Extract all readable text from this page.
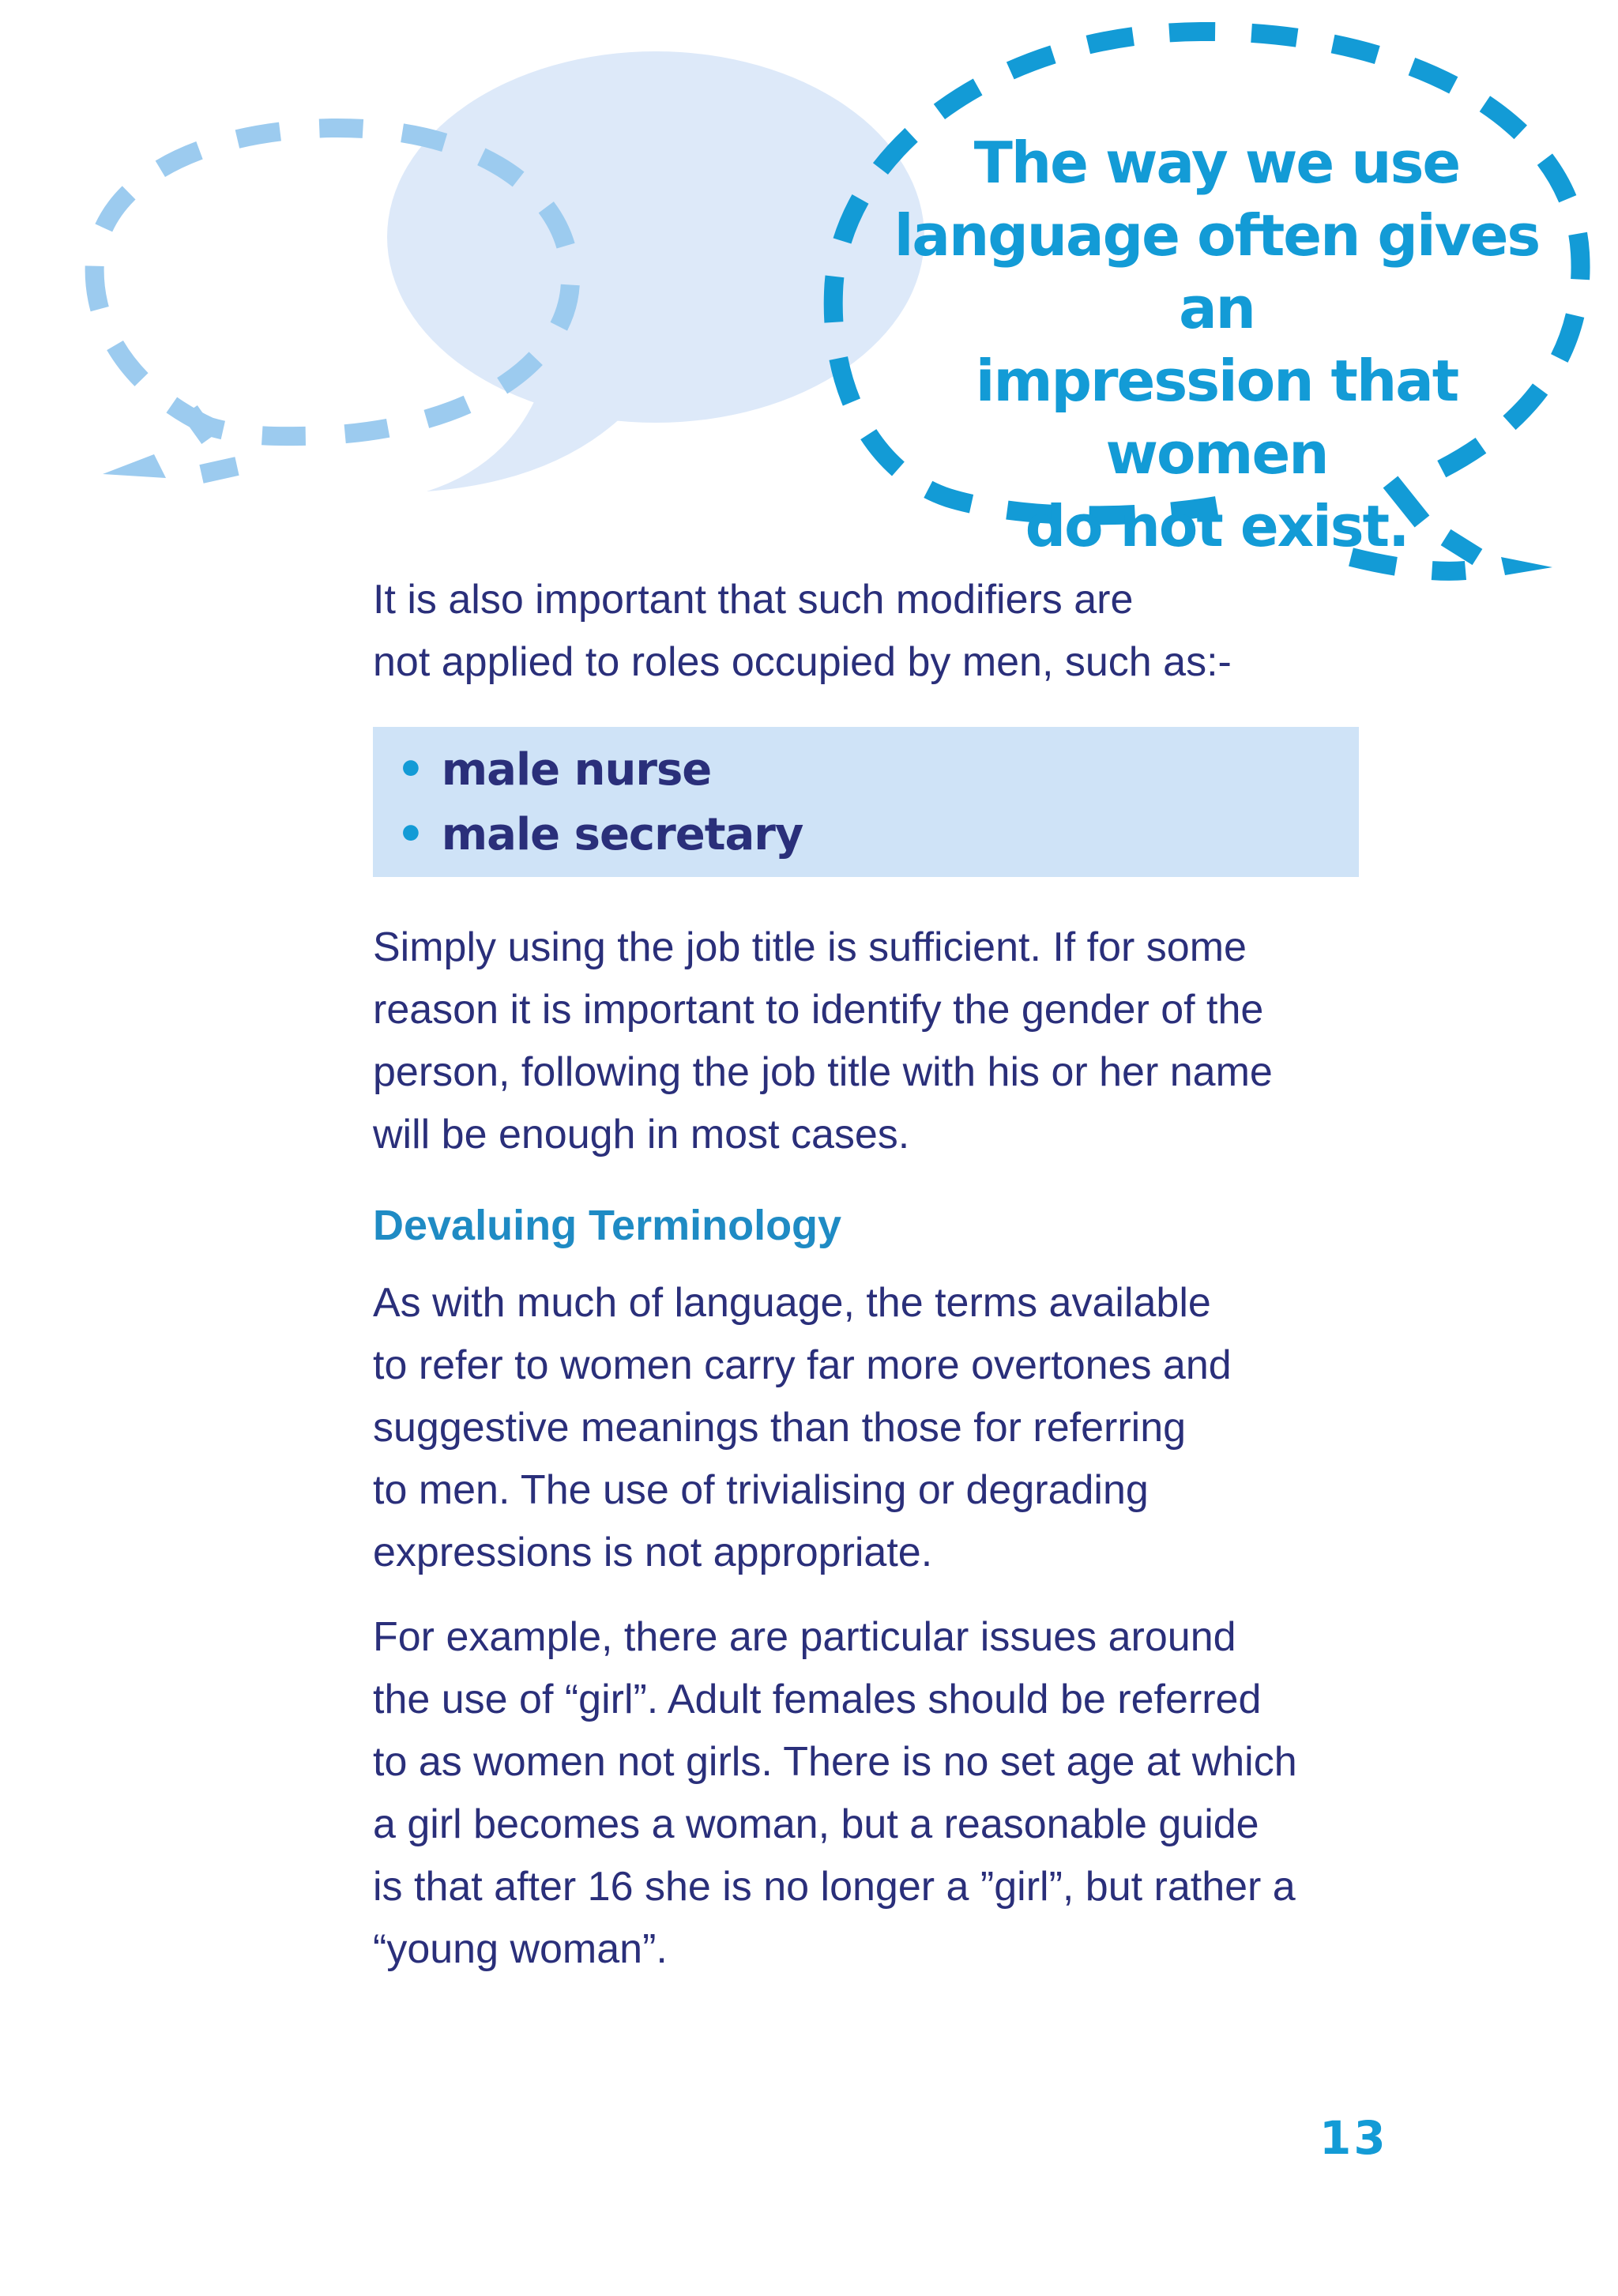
The way we use
language often gives an
impression that women
do not exist.
It is also important that such modifiers are
not applied to roles occupied by men, such as:-
• male nurse
• male secretary
Simply using the job title is sufficient. If for some
reason it is important to identify the gender of the
person, following the job title with his or her name
will be enough in most cases.
Devaluing Terminology
As with much of language, the terms available
to refer to women carry far more overtones and
suggestive meanings than those for referring
to men. The use of trivialising or degrading
expressions is not appropriate.
For example, there are particular issues around
the use of “girl”. Adult females should be referred
to as women not girls. There is no set age at which
a girl becomes a woman, but a reasonable guide
is that after 16 she is no longer a ”girl”, but rather a
“young woman”.
13
